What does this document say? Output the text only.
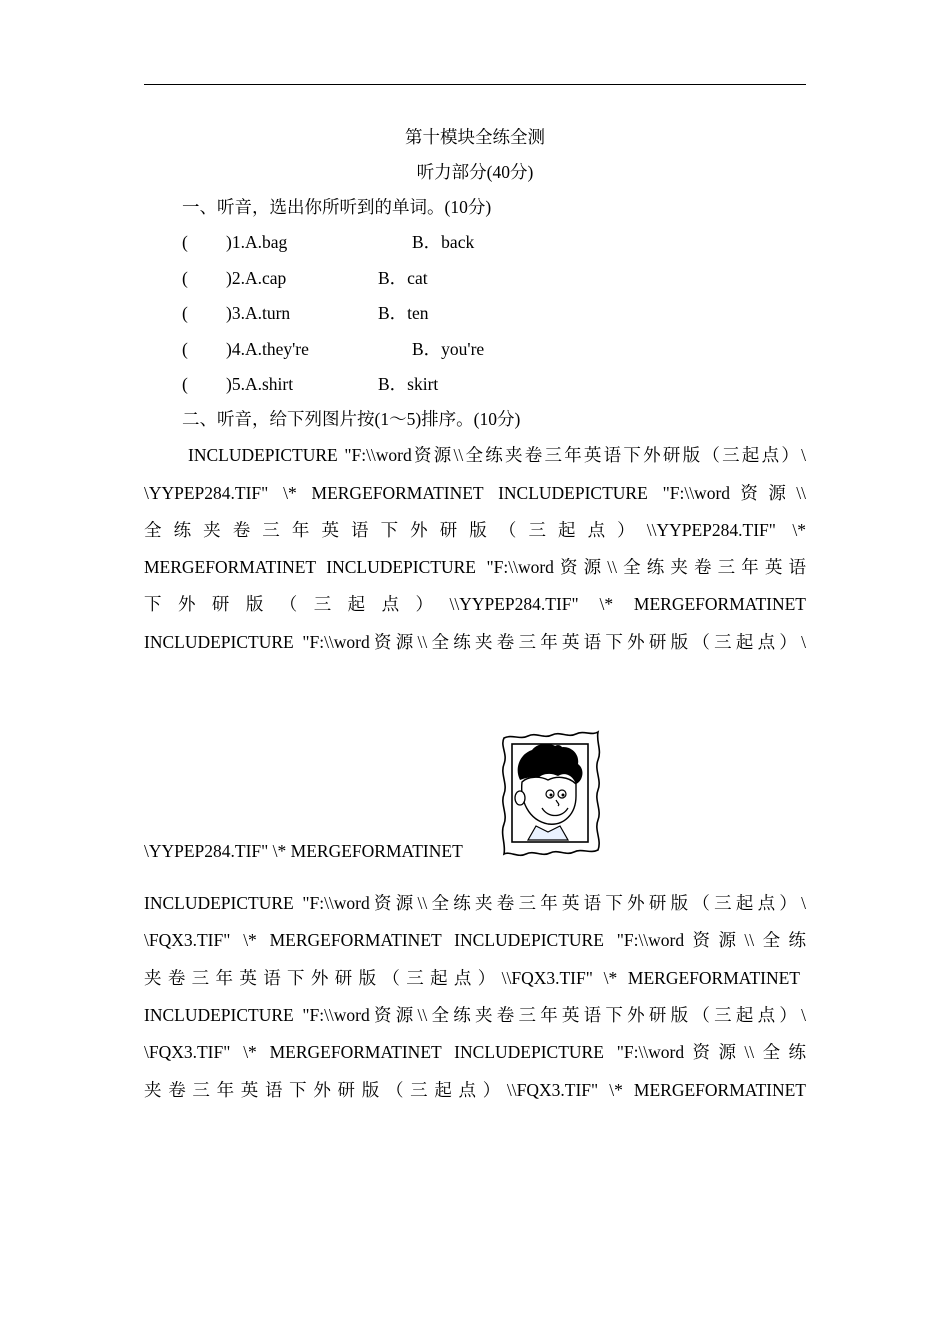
第十模块全练全测
听力部分(40分)
一、听音，选出你所听到的单词。(10分)
( )1.A.bag	B．back
( )2.A.cap	B．cat
( )3.A.turn	B．ten
( )4.A.they're	B．you're
( )5.A.shirt	B．skirt
二、听音，给下列图片按(1～5)排序。(10分)
INCLUDEPICTURE "F:\\word资源\\全练夹卷三年英语下外研版（三起点）\
\YYPEP284.TIF" \* MERGEFORMATINET INCLUDEPICTURE "F:\\word资源\\
全练夹卷三年英语下外研版（三起点）\\YYPEP284.TIF" \*
MERGEFORMATINET INCLUDEPICTURE "F:\\word资源\\全练夹卷三年英语
下外研版（三起点）\\YYPEP284.TIF" \* MERGEFORMATINET
INCLUDEPICTURE "F:\\word资源\\全练夹卷三年英语下外研版（三起点）\
\YYPEP284.TIF" \* MERGEFORMATINET
INCLUDEPICTURE "F:\\word资源\\全练夹卷三年英语下外研版（三起点）\
\FQX3.TIF" \* MERGEFORMATINET INCLUDEPICTURE "F:\\word资源\\全练
夹卷三年英语下外研版（三起点）\\FQX3.TIF" \* MERGEFORMATINET
INCLUDEPICTURE "F:\\word资源\\全练夹卷三年英语下外研版（三起点）\
\FQX3.TIF" \* MERGEFORMATINET INCLUDEPICTURE "F:\\word资源\\全练
夹卷三年英语下外研版（三起点）\\FQX3.TIF" \* MERGEFORMATINET
